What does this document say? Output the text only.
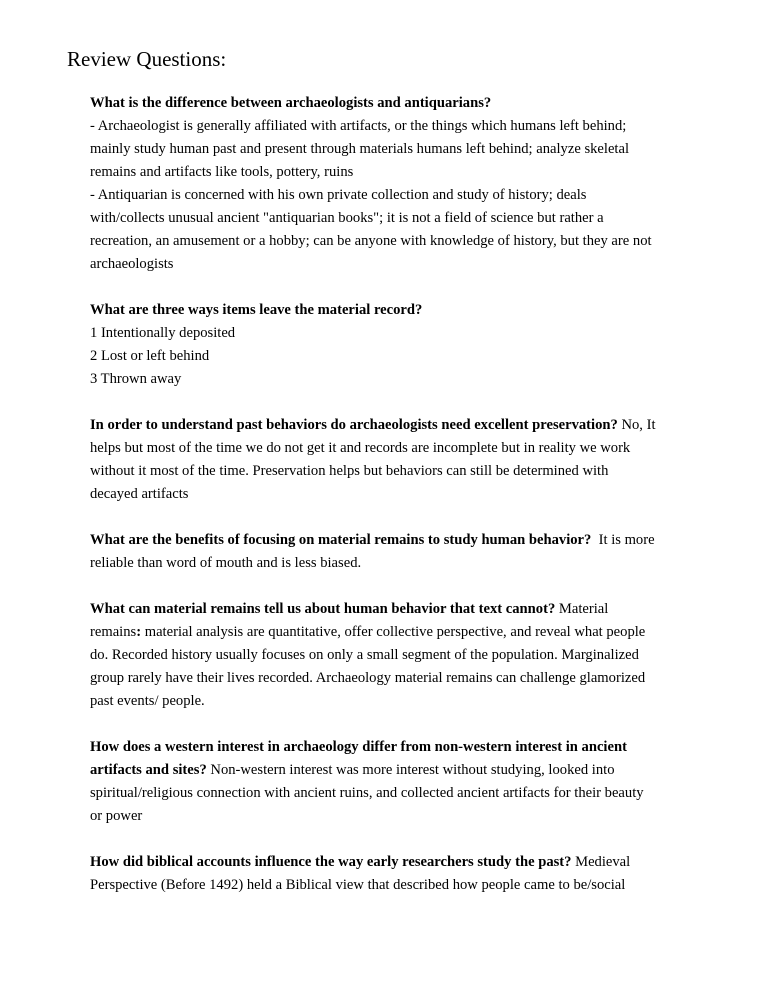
Review Questions:
What is the difference between archaeologists and antiquarians?
- Archaeologist is generally affiliated with artifacts, or the things which humans left behind;
mainly study human past and present through materials humans left behind; analyze skeletal
remains and artifacts like tools, pottery, ruins
- Antiquarian is concerned with his own private collection and study of history; deals
with/collects unusual ancient "antiquarian books"; it is not a field of science but rather a
recreation, an amusement or a hobby; can be anyone with knowledge of history, but they are not
archaeologists
What are three ways items leave the material record?
1 Intentionally deposited
2 Lost or left behind
3 Thrown away
In order to understand past behaviors do archaeologists need excellent preservation? No, It
helps but most of the time we do not get it and records are incomplete but in reality we work
without it most of the time. Preservation helps but behaviors can still be determined with
decayed artifacts
What are the benefits of focusing on material remains to study human behavior?  It is more
reliable than word of mouth and is less biased.
What can material remains tell us about human behavior that text cannot? Material
remains: material analysis are quantitative, offer collective perspective, and reveal what people
do. Recorded history usually focuses on only a small segment of the population. Marginalized
group rarely have their lives recorded. Archaeology material remains can challenge glamorized
past events/ people.
How does a western interest in archaeology differ from non-western interest in ancient
artifacts and sites? Non-western interest was more interest without studying, looked into
spiritual/religious connection with ancient ruins, and collected ancient artifacts for their beauty
or power
How did biblical accounts influence the way early researchers study the past? Medieval
Perspective (Before 1492) held a Biblical view that described how people came to be/social
